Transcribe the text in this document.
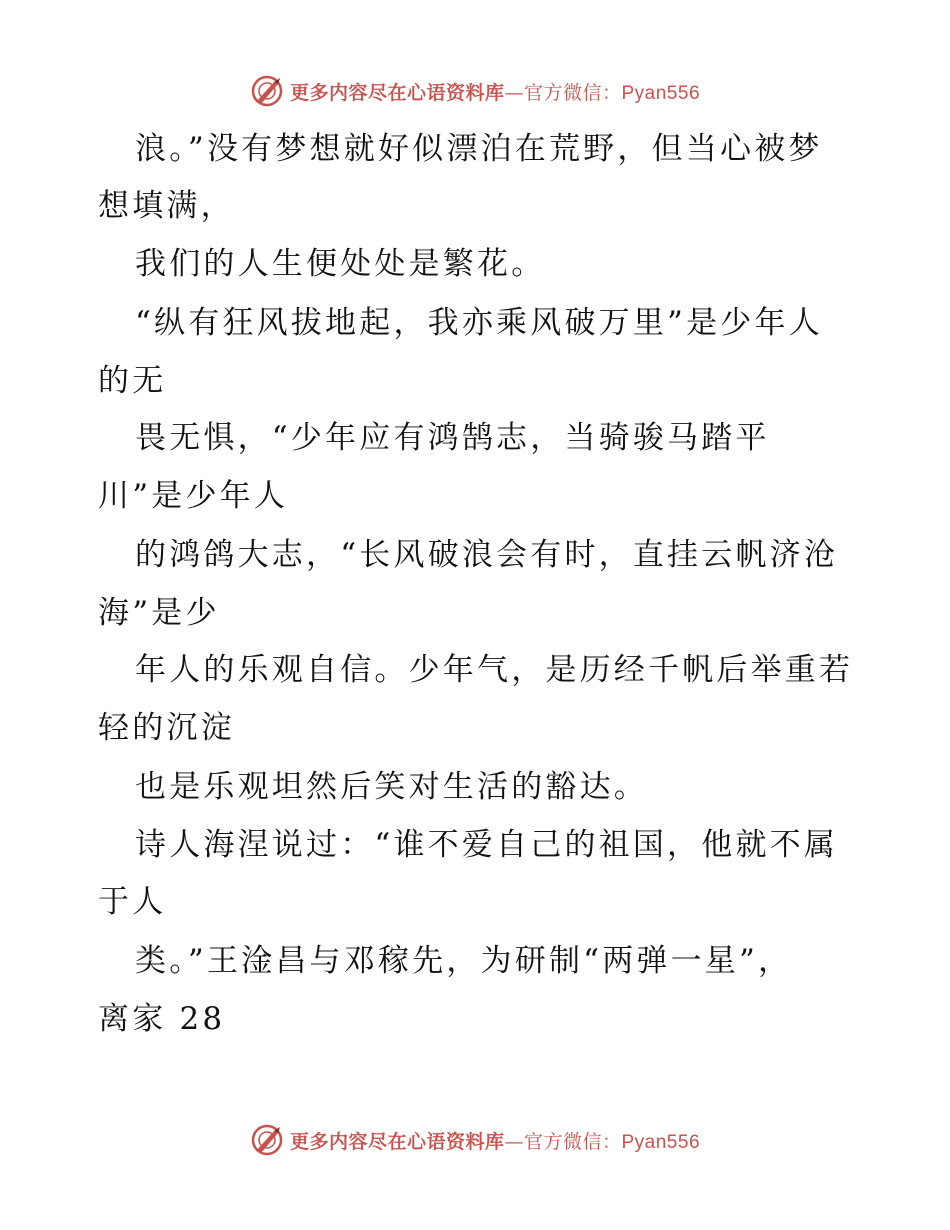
更多内容尽在心语资料库—官方微信：Pyan556
浪。”没有梦想就好似漂泊在荒野，但当心被梦
想填满，
我们的人生便处处是繁花。
“纵有狂风拔地起，我亦乘风破万里”是少年人
的无
畏无惧，“少年应有鸿鹄志，当骑骏马踏平
川”是少年人
的鸿鸽大志，“长风破浪会有时，直挂云帆济沧
海”是少
年人的乐观自信。少年气，是历经千帆后举重若
轻的沉淀
也是乐观坦然后笑对生活的豁达。
诗人海涅说过：“谁不爱自己的祖国，他就不属
于人
类。”王淦昌与邓稼先，为研制“两弹一星”，
离家 28
更多内容尽在心语资料库—官方微信：Pyan556
